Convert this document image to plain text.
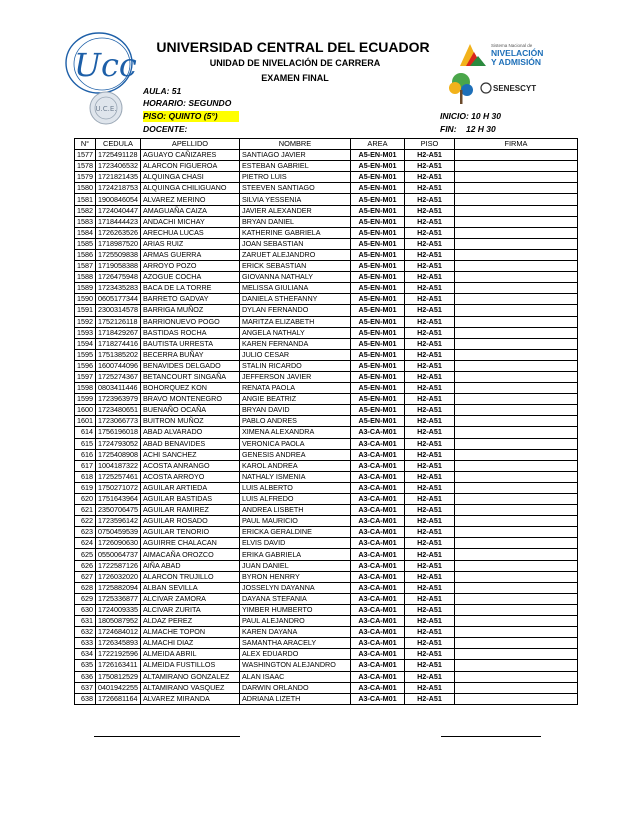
Ucc
U.C.E.
Sistema Nacional de
NIVELACIÓN
Y ADMISIÓN
SENESCYT
UNIVERSIDAD CENTRAL DEL ECUADOR
UNIDAD DE NIVELACIÓN DE CARRERA
EXAMEN FINAL
AULA: 51
HORARIO: SEGUNDO
PISO: QUINTO (5°)
DOCENTE:
INICIO: 10 H 30
FIN:    12 H 30
N°	CEDULA	APELLIDO	NOMBRE	AREA	PISO	FIRMA
1577	1725491128	AGUAYO CAÑIZARES	SANTIAGO JAVIER	A5-EN-M01	H2-A51	
1578	1723406532	ALARCON FIGUEROA	ESTEBAN GABRIEL	A5-EN-M01	H2-A51	
1579	1721821435	ALQUINGA CHASI	PIETRO LUIS	A5-EN-M01	H2-A51	
1580	1724218753	ALQUINGA CHILIGUANO	STEEVEN SANTIAGO	A5-EN-M01	H2-A51	
1581	1900846054	ALVAREZ MERINO	SILVIA YESSENIA	A5-EN-M01	H2-A51	
1582	1724040447	AMAGUAÑA CAIZA	JAVIER ALEXANDER	A5-EN-M01	H2-A51	
1583	1718444423	ANDACHI MICHAY	BRYAN DANIEL	A5-EN-M01	H2-A51	
1584	1726263526	ARECHUA LUCAS	KATHERINE GABRIELA	A5-EN-M01	H2-A51	
1585	1718987520	ARIAS RUIZ	JOAN SEBASTIAN	A5-EN-M01	H2-A51	
1586	1725509838	ARMAS GUERRA	ZARUET ALEJANDRO	A5-EN-M01	H2-A51	
1587	1719058388	ARROYO POZO	ERICK SEBASTIAN	A5-EN-M01	H2-A51	
1588	1726475948	AZOGUE COCHA	GIOVANNA NATHALY	A5-EN-M01	H2-A51	
1589	1723435283	BACA DE LA TORRE	MELISSA GIULIANA	A5-EN-M01	H2-A51	
1590	0605177344	BARRETO GADVAY	DANIELA STHEFANNY	A5-EN-M01	H2-A51	
1591	2300314578	BARRIGA MUÑOZ	DYLAN FERNANDO	A5-EN-M01	H2-A51	
1592	1752126118	BARRIONUEVO POGO	MARITZA ELIZABETH	A5-EN-M01	H2-A51	
1593	1718429267	BASTIDAS ROCHA	ANGELA NATHALY	A5-EN-M01	H2-A51	
1594	1718274416	BAUTISTA URRESTA	KAREN FERNANDA	A5-EN-M01	H2-A51	
1595	1751385202	BECERRA BUÑAY	JULIO CESAR	A5-EN-M01	H2-A51	
1596	1600744096	BENAVIDES DELGADO	STALIN RICARDO	A5-EN-M01	H2-A51	
1597	1725274367	BETANCOURT SINGAÑA	JEFFERSON JAVIER	A5-EN-M01	H2-A51	
1598	0803411446	BOHORQUEZ KON	RENATA PAOLA	A5-EN-M01	H2-A51	
1599	1723963979	BRAVO MONTENEGRO	ANGIE BEATRIZ	A5-EN-M01	H2-A51	
1600	1723480651	BUENAÑO OCAÑA	BRYAN DAVID	A5-EN-M01	H2-A51	
1601	1723066773	BUITRON MUÑOZ	PABLO ANDRES	A5-EN-M01	H2-A51	
614	1756196018	ABAD ALVARADO	XIMENA ALEXANDRA	A3-CA-M01	H2-A51	
615	1724793052	ABAD BENAVIDES	VERONICA PAOLA	A3-CA-M01	H2-A51	
616	1725408908	ACHI SANCHEZ	GENESIS ANDREA	A3-CA-M01	H2-A51	
617	1004187322	ACOSTA ANRANGO	KAROL ANDREA	A3-CA-M01	H2-A51	
618	1725257461	ACOSTA ARROYO	NATHALY ISMENIA	A3-CA-M01	H2-A51	
619	1750271072	AGUILAR ARTIEDA	LUIS ALBERTO	A3-CA-M01	H2-A51	
620	1751643964	AGUILAR BASTIDAS	LUIS ALFREDO	A3-CA-M01	H2-A51	
621	2350706475	AGUILAR RAMIREZ	ANDREA LISBETH	A3-CA-M01	H2-A51	
622	1723596142	AGUILAR ROSADO	PAUL MAURICIO	A3-CA-M01	H2-A51	
623	0750459539	AGUILAR TENORIO	ERICKA GERALDINE	A3-CA-M01	H2-A51	
624	1726090630	AGUIRRE CHALACAN	ELVIS DAVID	A3-CA-M01	H2-A51	
625	0550064737	AIMACAÑA OROZCO	ERIKA GABRIELA	A3-CA-M01	H2-A51	
626	1722587126	AIÑA ABAD	JUAN DANIEL	A3-CA-M01	H2-A51	
627	1726032020	ALARCON TRUJILLO	BYRON HENRRY	A3-CA-M01	H2-A51	
628	1725882094	ALBAN SEVILLA	JOSSELYN DAYANNA	A3-CA-M01	H2-A51	
629	1725336877	ALCIVAR ZAMORA	DAYANA STEFANIA	A3-CA-M01	H2-A51	
630	1724009335	ALCIVAR ZURITA	YIMBER HUMBERTO	A3-CA-M01	H2-A51	
631	1805087952	ALDAZ PEREZ	PAUL ALEJANDRO	A3-CA-M01	H2-A51	
632	1724684012	ALMACHE TOPON	KAREN DAYANA	A3-CA-M01	H2-A51	
633	1726345893	ALMACHI DIAZ	SAMANTHA ARACELY	A3-CA-M01	H2-A51	
634	1722192596	ALMEIDA ABRIL	ALEX EDUARDO	A3-CA-M01	H2-A51	
635	1726163411	ALMEIDA FUSTILLOS	WASHINGTON ALEJANDRO	A3-CA-M01	H2-A51	
636	1750812529	ALTAMIRANO GONZALEZ	ALAN ISAAC	A3-CA-M01	H2-A51	
637	0401942255	ALTAMIRANO VASQUEZ	DARWIN ORLANDO	A3-CA-M01	H2-A51	
638	1726681164	ALVAREZ MIRANDA	ADRIANA LIZETH	A3-CA-M01	H2-A51	
